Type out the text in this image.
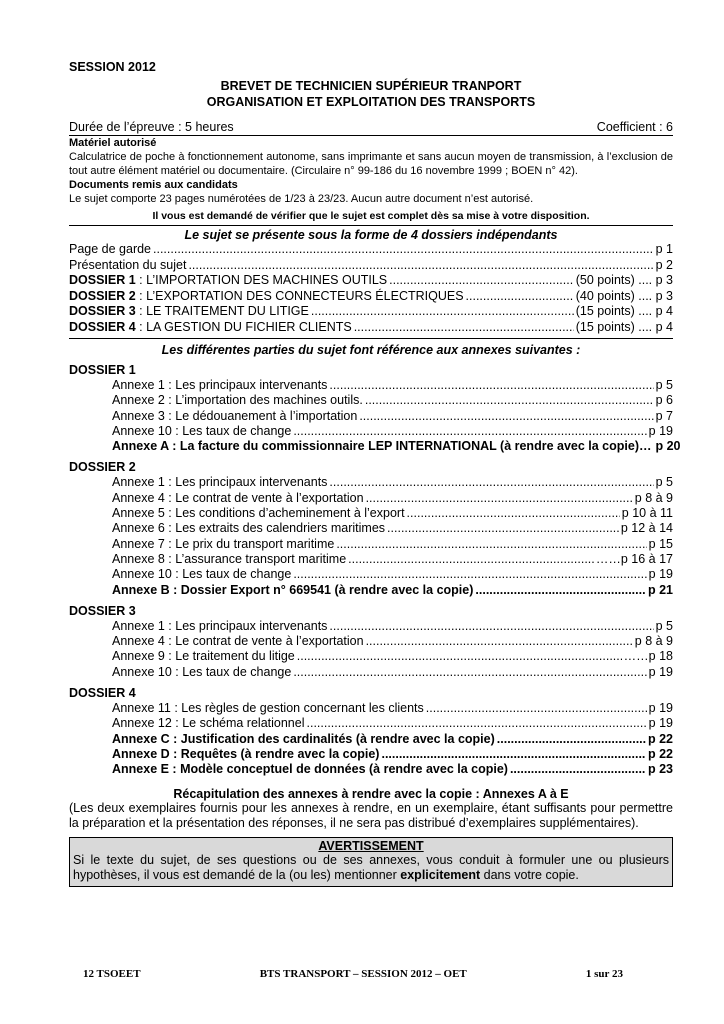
SESSION 2012
BREVET DE TECHNICIEN SUPÉRIEUR TRANPORT
ORGANISATION ET EXPLOITATION DES TRANSPORTS
Durée de l’épreuve : 5 heures	Coefficient : 6
Matériel autorisé
Calculatrice de poche à fonctionnement autonome, sans imprimante et sans aucun moyen de transmission, à l’exclusion de tout autre élément matériel ou documentaire. (Circulaire n° 99-186 du 16 novembre 1999 ; BOEN n° 42).
Documents remis aux candidats
Le sujet comporte 23 pages numérotées de 1/23 à 23/23. Aucun autre document n’est autorisé.
Il vous est demandé de vérifier que le sujet est complet dès sa mise à votre disposition.
Le sujet se présente sous la forme de 4 dossiers indépendants
Page de garde .....	p 1
Présentation du sujet .....	p 2
DOSSIER 1 : L’IMPORTATION DES MACHINES OUTILS .....	(50 points) .... p 3
DOSSIER 2 : L’EXPORTATION DES CONNECTEURS ÉLECTRIQUES .....	(40 points) .... p 3
DOSSIER 3 : LE TRAITEMENT DU LITIGE .....	(15 points) .... p 4
DOSSIER 4 : LA GESTION DU FICHIER CLIENTS .....	(15 points) .... p 4
Les différentes parties du sujet font référence aux annexes suivantes :
DOSSIER 1
Annexe 1 : Les principaux intervenants .....	p 5
Annexe 2 : L’importation des machines outils. .....	p 6
Annexe 3 : Le dédouanement à l’importation .....	p 7
Annexe 10 : Les taux de change .....	p 19
Annexe A : La facture du commissionnaire LEP INTERNATIONAL (à rendre avec la copie)… p 20
DOSSIER 2
Annexe 1 : Les principaux intervenants .....	p 5
Annexe 4 : Le contrat de vente à l’exportation .....	p 8 à 9
Annexe 5 : Les conditions d’acheminement à l’export .....	p 10 à 11
Annexe 6 : Les extraits des calendriers maritimes .....	p 12 à 14
Annexe 7 : Le prix du transport maritime .....	p 15
Annexe 8 : L’assurance transport maritime .....	……p 16 à 17
Annexe 10 : Les taux de change .....	p 19
Annexe B : Dossier Export n° 669541 (à rendre avec la copie) .....	p 21
DOSSIER 3
Annexe 1 : Les principaux intervenants .....	p 5
Annexe 4 : Le contrat de vente à l’exportation .....	p 8 à 9
Annexe 9 : Le traitement du litige .....	……p 18
Annexe 10 : Les taux de change .....	p 19
DOSSIER 4
Annexe 11 : Les règles de gestion concernant les clients .....	p 19
Annexe 12 : Le schéma relationnel .....	p 19
Annexe C : Justification des cardinalités (à rendre avec la copie) .....	p 22
Annexe D : Requêtes (à rendre avec la copie) .....	p 22
Annexe E : Modèle conceptuel de données (à rendre avec la copie) .....	p 23
Récapitulation des annexes à rendre avec la copie : Annexes A à E
(Les deux exemplaires fournis pour les annexes à rendre, en un exemplaire, étant suffisants pour permettre la préparation et la présentation des réponses, il ne sera pas distribué d’exemplaires supplémentaires).
AVERTISSEMENT
Si le texte du sujet, de ses questions ou de ses annexes, vous conduit à formuler une ou plusieurs hypothèses, il vous est demandé de la (ou les) mentionner explicitement dans votre copie.
12 TSOEET	BTS TRANSPORT – SESSION 2012 – OET	1 sur 23
